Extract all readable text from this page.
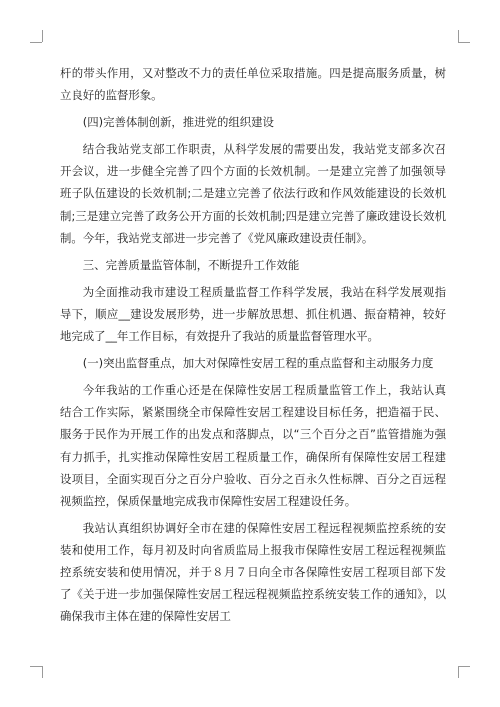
杆的带头作用，又对整改不力的责任单位采取措施。四是提高服务质量，树立良好的监督形象。

(四)完善体制创新，推进党的组织建设

结合我站党支部工作职责，从科学发展的需要出发，我站党支部多次召开会议，进一步健全完善了四个方面的长效机制。一是建立完善了加强领导班子队伍建设的长效机制;二是建立完善了依法行政和作风效能建设的长效机制;三是建立完善了政务公开方面的长效机制;四是建立完善了廉政建设长效机制。今年，我站党支部进一步完善了《党风廉政建设责任制》。

三、完善质量监管体制，不断提升工作效能

为全面推动我市建设工程质量监督工作科学发展，我站在科学发展观指导下，顺应__建设发展形势，进一步解放思想、抓住机遇、振奋精神，较好地完成了__年工作目标，有效提升了我站的质量监督管理水平。

(一)突出监督重点，加大对保障性安居工程的重点监督和主动服务力度

今年我站的工作重心还是在保障性安居工程质量监管工作上，我站认真结合工作实际，紧紧围绕全市保障性安居工程建设目标任务，把造福于民、服务于民作为开展工作的出发点和落脚点，以“三个百分之百”监管措施为强有力抓手，扎实推动保障性安居工程质量工作，确保所有保障性安居工程建设项目，全面实现百分之百分户验收、百分之百永久性标牌、百分之百远程视频监控，保质保量地完成我市保障性安居工程建设任务。

我站认真组织协调好全市在建的保障性安居工程远程视频监控系统的安装和使用工作，每月初及时向省质监局上报我市保障性安居工程远程视频监控系统安装和使用情况，并于８月７日向全市各保障性安居工程项目部下发了《关于进一步加强保障性安居工程远程视频监控系统安装工作的通知》，以确保我市主体在建的保障性安居工
